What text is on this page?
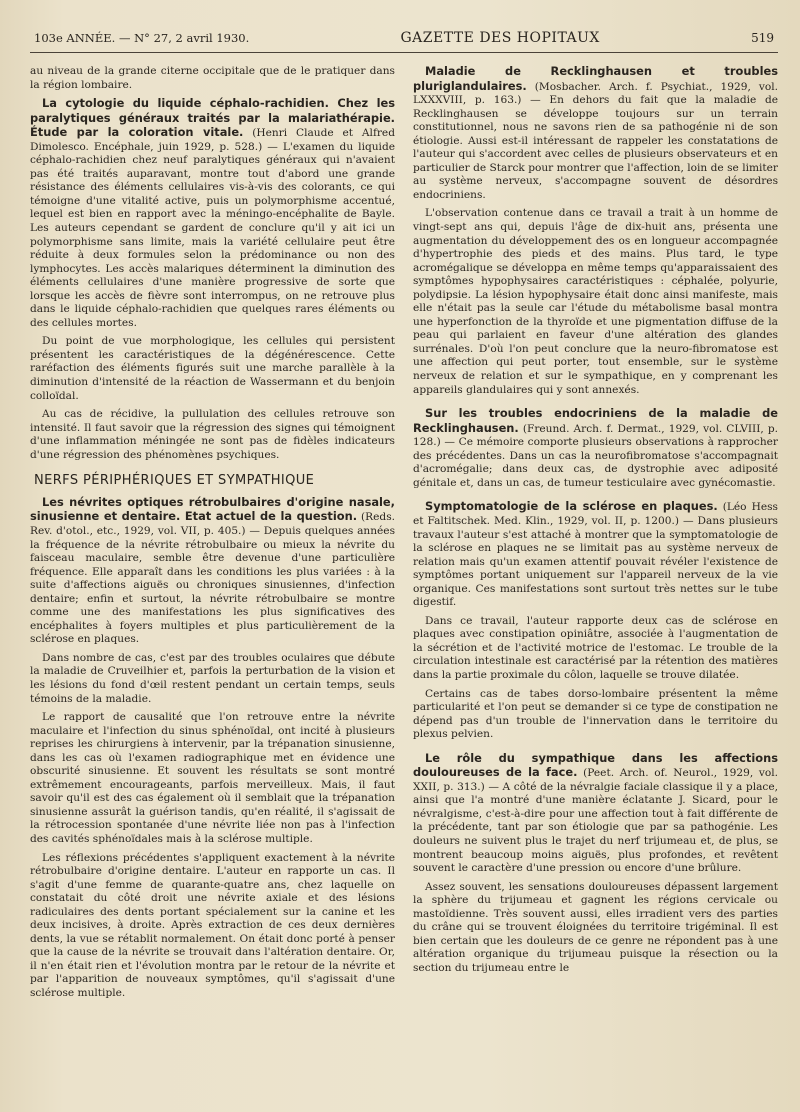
103e ANNÉE. — N° 27, 2 avril 1930.	GAZETTE DES HOPITAUX	519

au niveau de la grande citerne occipitale que de le pratiquer dans la région lombaire.

La cytologie du liquide céphalo-rachidien. Chez les paralytiques généraux traités par la malariathérapie. Étude par la coloration vitale. (Henri Claude et Alfred Dimolesco. Encéphale, juin 1929, p. 528.) — L'examen du liquide céphalo-rachidien chez neuf paralytiques généraux qui n'avaient pas été traités auparavant, montre tout d'abord une grande résistance des éléments cellulaires vis-à-vis des colorants, ce qui témoigne d'une vitalité active, puis un polymorphisme accentué, lequel est bien en rapport avec la méningo-encéphalite de Bayle. Les auteurs cependant se gardent de conclure qu'il y ait ici un polymorphisme sans limite, mais la variété cellulaire peut être réduite à deux formules selon la prédominance ou non des lymphocytes. Les accès malariques déterminent la diminution des éléments cellulaires d'une manière progressive de sorte que lorsque les accès de fièvre sont interrompus, on ne retrouve plus dans le liquide céphalo-rachidien que quelques rares éléments ou des cellules mortes.

Du point de vue morphologique, les cellules qui persistent présentent les caractéristiques de la dégénérescence. Cette raréfaction des éléments figurés suit une marche parallèle à la diminution d'intensité de la réaction de Wassermann et du benjoin colloïdal.

Au cas de récidive, la pullulation des cellules retrouve son intensité. Il faut savoir que la régression des signes qui témoignent d'une inflammation méningée ne sont pas de fidèles indicateurs d'une régression des phénomènes psychiques.

NERFS PÉRIPHÉRIQUES ET SYMPATHIQUE

Les névrites optiques rétrobulbaires d'origine nasale, sinusienne et dentaire. Etat actuel de la question. (Reds. Rev. d'otol., etc., 1929, vol. VII, p. 405.) — Depuis quelques années la fréquence de la névrite rétrobulbaire ou mieux la névrite du faisceau maculaire, semble être devenue d'une particulière fréquence. Elle apparaît dans les conditions les plus variées : à la suite d'affections aiguës ou chroniques sinusiennes, d'infection dentaire; enfin et surtout, la névrite rétrobulbaire se montre comme une des manifestations les plus significatives des encéphalites à foyers multiples et plus particulièrement de la sclérose en plaques.

Dans nombre de cas, c'est par des troubles oculaires que débute la maladie de Cruveilhier et, parfois la perturbation de la vision et les lésions du fond d'œil restent pendant un certain temps, seuls témoins de la maladie.

Le rapport de causalité que l'on retrouve entre la névrite maculaire et l'infection du sinus sphénoïdal, ont incité à plusieurs reprises les chirurgiens à intervenir, par la trépanation sinusienne, dans les cas où l'examen radiographique met en évidence une obscurité sinusienne. Et souvent les résultats se sont montré extrêmement encourageants, parfois merveilleux. Mais, il faut savoir qu'il est des cas également où il semblait que la trépanation sinusienne assurât la guérison tandis, qu'en réalité, il s'agissait de la rétrocession spontanée d'une névrite liée non pas à l'infection des cavités sphénoïdales mais à la sclérose multiple.

Les réflexions précédentes s'appliquent exactement à la névrite rétrobulbaire d'origine dentaire. L'auteur en rapporte un cas. Il s'agit d'une femme de quarante-quatre ans, chez laquelle on constatait du côté droit une névrite axiale et des lésions radiculaires des dents portant spécialement sur la canine et les deux incisives, à droite. Après extraction de ces deux dernières dents, la vue se rétablit normalement. On était donc porté à penser que la cause de la névrite se trouvait dans l'altération dentaire. Or, il n'en était rien et l'évolution montra par le retour de la névrite et par l'apparition de nouveaux symptômes, qu'il s'agissait d'une sclérose multiple.

Maladie de Recklinghausen et troubles pluriglandulaires. (Mosbacher. Arch. f. Psychiat., 1929, vol. LXXXVIII, p. 163.) — En dehors du fait que la maladie de Recklinghausen se développe toujours sur un terrain constitutionnel, nous ne savons rien de sa pathogénie ni de son étiologie. Aussi est-il intéressant de rappeler les constatations de l'auteur qui s'accordent avec celles de plusieurs observateurs et en particulier de Starck pour montrer que l'affection, loin de se limiter au système nerveux, s'accompagne souvent de désordres endocriniens.

L'observation contenue dans ce travail a trait à un homme de vingt-sept ans qui, depuis l'âge de dix-huit ans, présenta une augmentation du développement des os en longueur accompagnée d'hypertrophie des pieds et des mains. Plus tard, le type acromégalique se développa en même temps qu'apparaissaient des symptômes hypophysaires caractéristiques : céphalée, polyurie, polydipsie. La lésion hypophysaire était donc ainsi manifeste, mais elle n'était pas la seule car l'étude du métabolisme basal montra une hyperfonction de la thyroïde et une pigmentation diffuse de la peau qui parlaient en faveur d'une altération des glandes surrénales. D'où l'on peut conclure que la neuro-fibromatose est une affection qui peut porter, tout ensemble, sur le système nerveux de relation et sur le sympathique, en y comprenant les appareils glandulaires qui y sont annexés.

Sur les troubles endocriniens de la maladie de Recklinghausen. (Freund. Arch. f. Dermat., 1929, vol. CLVIII, p. 128.) — Ce mémoire comporte plusieurs observations à rapprocher des précédentes. Dans un cas la neurofibromatose s'accompagnait d'acromégalie; dans deux cas, de dystrophie avec adiposité génitale et, dans un cas, de tumeur testiculaire avec gynécomastie.

Symptomatologie de la sclérose en plaques. (Léo Hess et Faltitschek. Med. Klin., 1929, vol. II, p. 1200.) — Dans plusieurs travaux l'auteur s'est attaché à montrer que la symptomatologie de la sclérose en plaques ne se limitait pas au système nerveux de relation mais qu'un examen attentif pouvait révéler l'existence de symptômes portant uniquement sur l'appareil nerveux de la vie organique. Ces manifestations sont surtout très nettes sur le tube digestif.

Dans ce travail, l'auteur rapporte deux cas de sclérose en plaques avec constipation opiniâtre, associée à l'augmentation de la sécrétion et de l'activité motrice de l'estomac. Le trouble de la circulation intestinale est caractérisé par la rétention des matières dans la partie proximale du côlon, laquelle se trouve dilatée.

Certains cas de tabes dorso-lombaire présentent la même particularité et l'on peut se demander si ce type de constipation ne dépend pas d'un trouble de l'innervation dans le territoire du plexus pelvien.

Le rôle du sympathique dans les affections douloureuses de la face. (Peet. Arch. of. Neurol., 1929, vol. XXII, p. 313.) — A côté de la névralgie faciale classique il y a place, ainsi que l'a montré d'une manière éclatante J. Sicard, pour le névralgisme, c'est-à-dire pour une affection tout à fait différente de la précédente, tant par son étiologie que par sa pathogénie. Les douleurs ne suivent plus le trajet du nerf trijumeau et, de plus, se montrent beaucoup moins aiguës, plus profondes, et revêtent souvent le caractère d'une pression ou encore d'une brûlure.

Assez souvent, les sensations douloureuses dépassent largement la sphère du trijumeau et gagnent les régions cervicale ou mastoïdienne. Très souvent aussi, elles irradient vers des parties du crâne qui se trouvent éloignées du territoire trigéminal. Il est bien certain que les douleurs de ce genre ne répondent pas à une altération organique du trijumeau puisque la résection ou la section du trijumeau entre le
